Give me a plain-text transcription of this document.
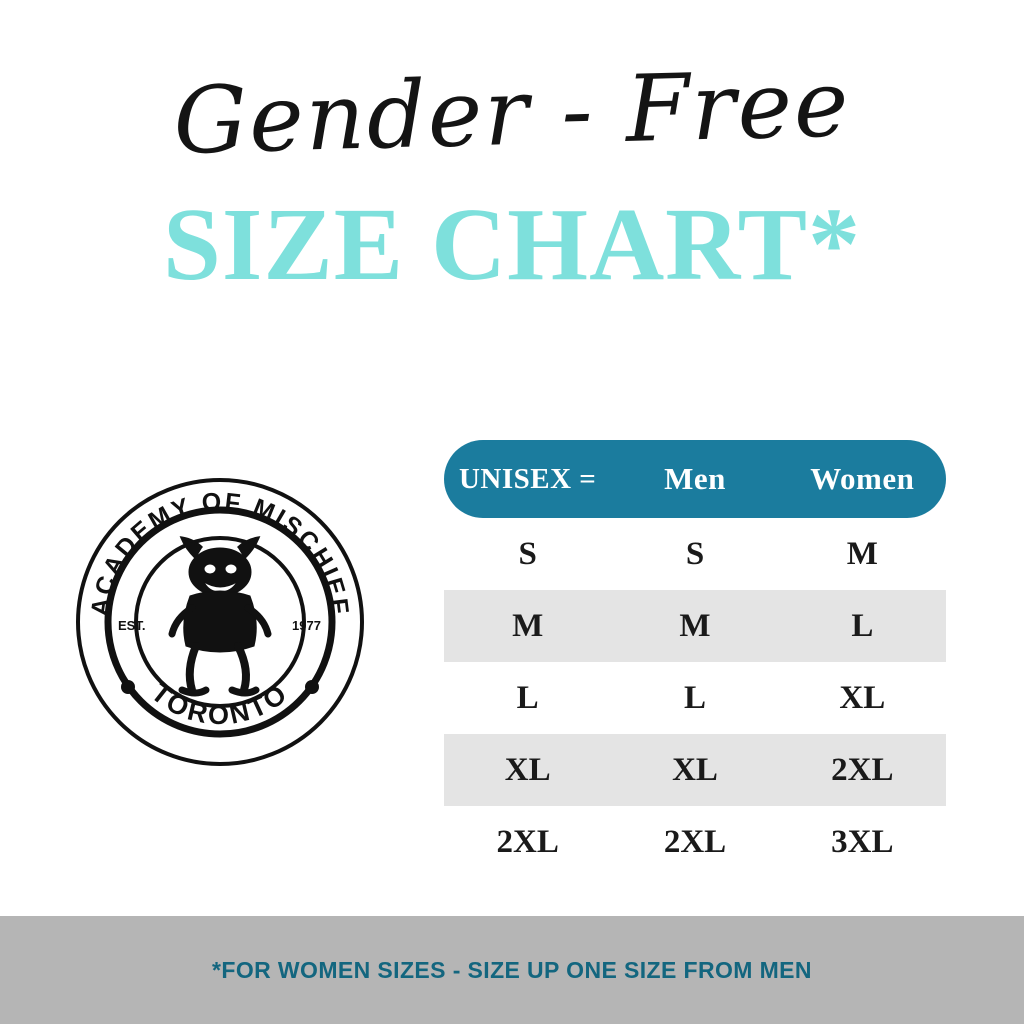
Gender - Free
SIZE CHART*
ACADEMY OF MISCHIEF
TORONTO
EST.	1977
UNISEX =	Men	Women
S	S	M
M	M	L
L	L	XL
XL	XL	2XL
2XL	2XL	3XL
*FOR WOMEN SIZES - SIZE UP ONE SIZE FROM MEN
